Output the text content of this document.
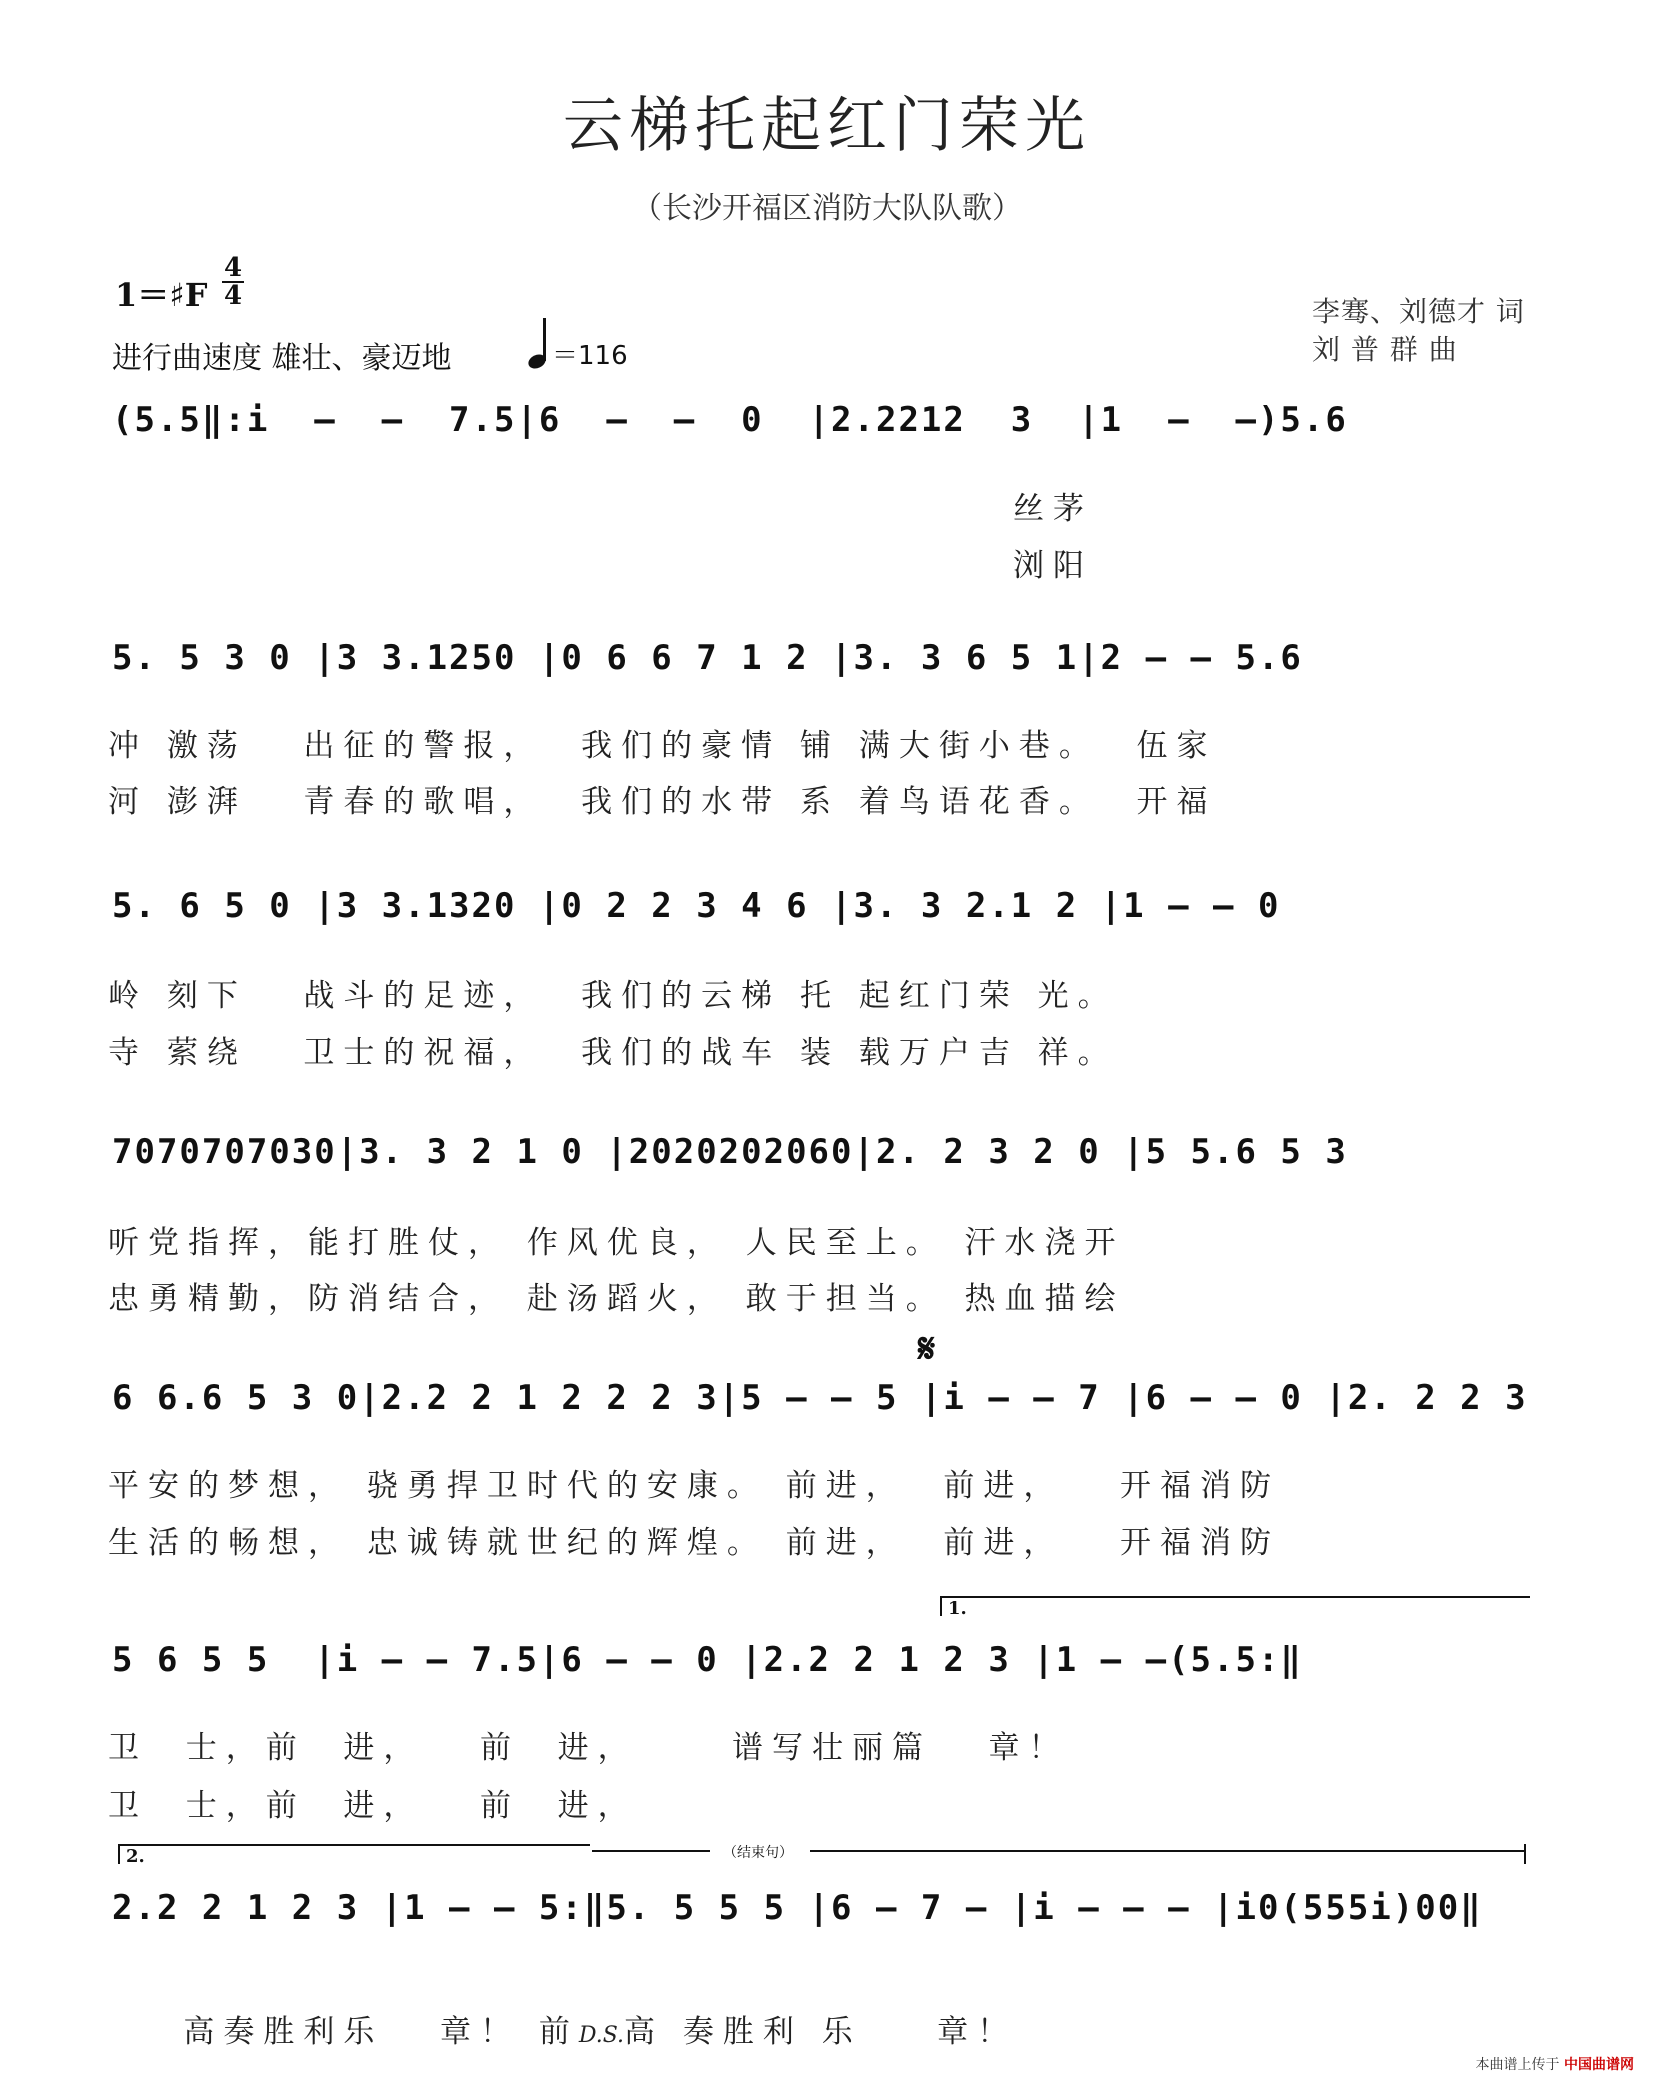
云梯托起红门荣光
（长沙开福区消防大队队歌）
1＝♯F
4
4
进行曲速度 雄壮、豪迈地	＝116
李骞、刘德才 词
刘 普 群 曲
(5.5‖:i  –  –  7.5|6  –  –  0  |2.2212  3  |1  –  –)5.6
丝茅
浏阳
5. 5 3 0 |3 3.1250 |0 6 6 7 1 2 |3. 3 6 5 1|2 – – 5.6
冲 激荡   出征的警报，  我们的豪情 铺 满大街小巷。  伍家
河 澎湃   青春的歌唱，  我们的水带 系 着鸟语花香。  开福
5. 6 5 0 |3 3.1320 |0 2 2 3 4 6 |3. 3 2.1 2 |1 – – 0
岭 刻下   战斗的足迹，  我们的云梯 托 起红门荣 光。
寺 萦绕   卫士的祝福，  我们的战车 装 载万户吉 祥。
7070707030|3. 3 2 1 0 |2020202060|2. 2 3 2 0 |5 5.6 5 3
听党指挥，能打胜仗， 作风优良， 人民至上。 汗水浇开
忠勇精勤，防消结合， 赴汤蹈火， 敢于担当。 热血描绘
𝄋
6 6.6 5 3 0|2.2 2 1 2 2 2 3|5 – – 5 |i – – 7 |6 – – 0 |2. 2 2 3
平安的梦想， 骁勇捍卫时代的安康。 前进，  前进，   开福消防
生活的畅想， 忠诚铸就世纪的辉煌。 前进，  前进，   开福消防
1.
5 6 5 5  |i – – 7.5|6 – – 0 |2.2 2 1 2 3 |1 – –(5.5:‖
卫  士，前  进，   前  进，     谱写壮丽篇   章！
卫  士，前  进，   前  进，
2.	（结束句）
2.2 2 1 2 3 |1 – – 5:‖5. 5 5 5 |6 – 7 – |i – – – |i0(555i)00‖

高奏胜利乐   章！ 前D.S.高 奏胜利 乐    章！

本曲谱上传于 中国曲谱网
